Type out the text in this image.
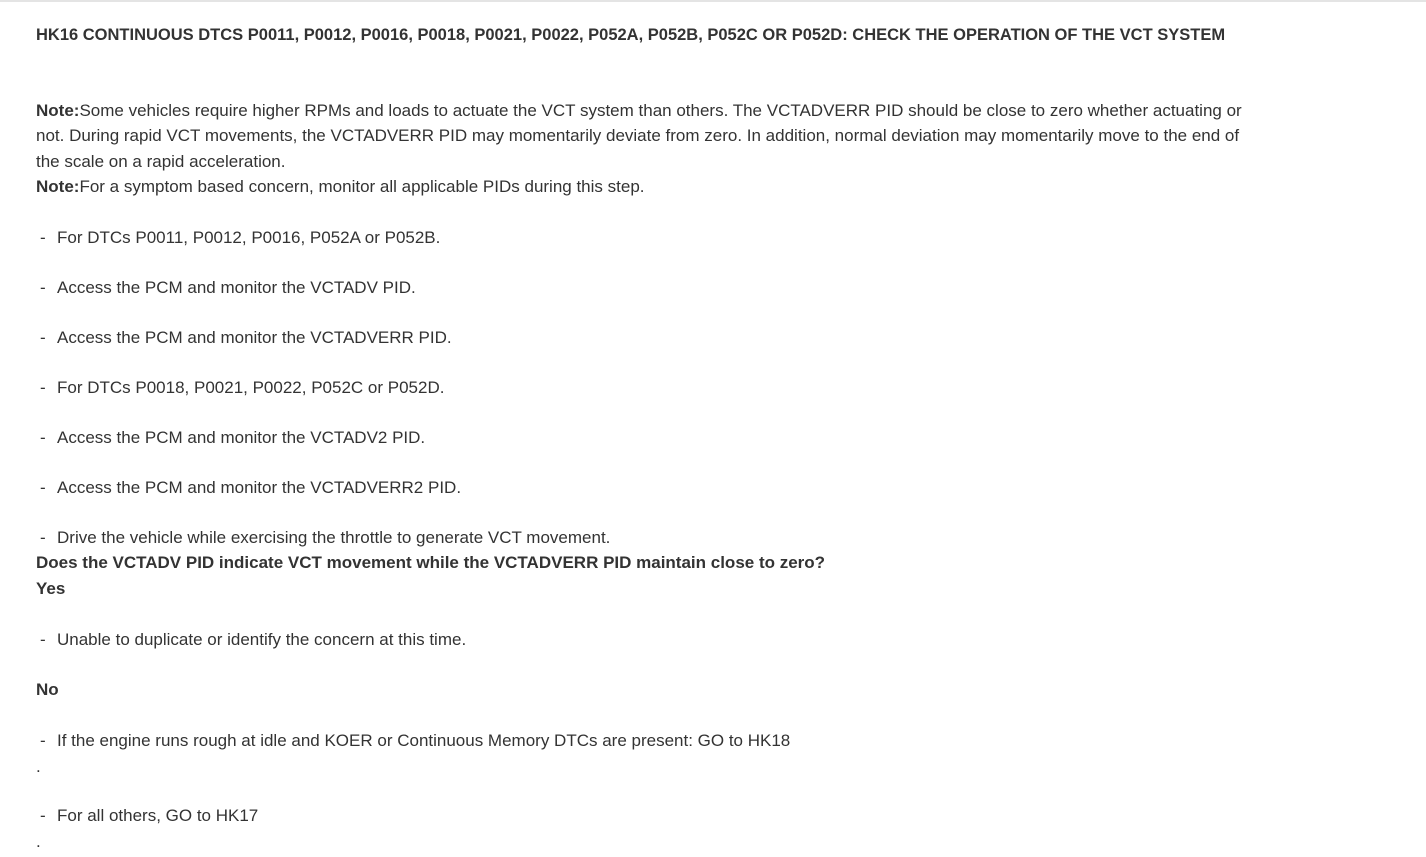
HK16 CONTINUOUS DTCS P0011, P0012, P0016, P0018, P0021, P0022, P052A, P052B, P052C OR P052D: CHECK THE OPERATION OF THE VCT SYSTEM
Note:Some vehicles require higher RPMs and loads to actuate the VCT system than others. The VCTADVERR PID should be close to zero whether actuating or not. During rapid VCT movements, the VCTADVERR PID may momentarily deviate from zero. In addition, normal deviation may momentarily move to the end of the scale on a rapid acceleration.
Note:For a symptom based concern, monitor all applicable PIDs during this step.
- For DTCs P0011, P0012, P0016, P052A or P052B.
- Access the PCM and monitor the VCTADV PID.
- Access the PCM and monitor the VCTADVERR PID.
- For DTCs P0018, P0021, P0022, P052C or P052D.
- Access the PCM and monitor the VCTADV2 PID.
- Access the PCM and monitor the VCTADVERR2 PID.
- Drive the vehicle while exercising the throttle to generate VCT movement.
Does the VCTADV PID indicate VCT movement while the VCTADVERR PID maintain close to zero?
Yes
- Unable to duplicate or identify the concern at this time.
No
- If the engine runs rough at idle and KOER or Continuous Memory DTCs are present: GO to HK18
.
- For all others, GO to HK17
.
